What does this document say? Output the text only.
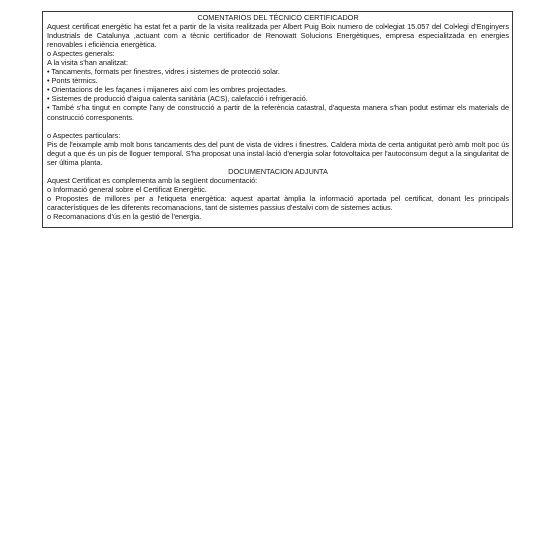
COMENTARIOS DEL TÉCNICO CERTIFICADOR

Aquest certificat energètic ha estat fet a partir de la visita realitzada per Albert Puig Boix numero de col•legiat 15.057 del Col•legi d'Enginyers Industrials de Catalunya ,actuant com a tècnic certificador de Renowatt Solucions Energètiques, empresa especialitzada en energies renovables i eficiència energètica.

o Aspectes generals:

A la visita s'han analitzat:

• Tancaments, formats per finestres, vidres i sistemes de protecció solar.

• Ponts tèrmics.

• Orientacions de les façanes i mijaneres així com les ombres projectades.

• Sistemes de producció d'aigua calenta sanitària (ACS), calefacció i refrigeració.

• També s'ha tingut en compte l'any de construcció a partir de la referència catastral, d'aquesta manera s'han podut estimar els materials de construcció corresponents.

o Aspectes particulars:

Pis de l'eixample amb molt bons tancaments des del punt de vista de vidres i finestres. Caldera mixta de certa antiguitat però amb molt poc ús degut a que és un pis de lloguer temporal. S'ha proposat una instal·lació d'energia solar fotovoltaica per l'autoconsum degut a la singularitat de ser última planta.

DOCUMENTACION ADJUNTA

Aquest Certificat es complementa amb la següent documentació:

o Informació general sobre el Certificat Energètic.

o Propostes de millores per a l'etiqueta energètica: aquest apartat àmplia la informació aportada pel certificat, donant les principals característiques de les diferents recomanacions, tant de sistemes passius d'estalvi com de sistemes actius.

o Recomanacions d'ús en la gestió de l'energia.
